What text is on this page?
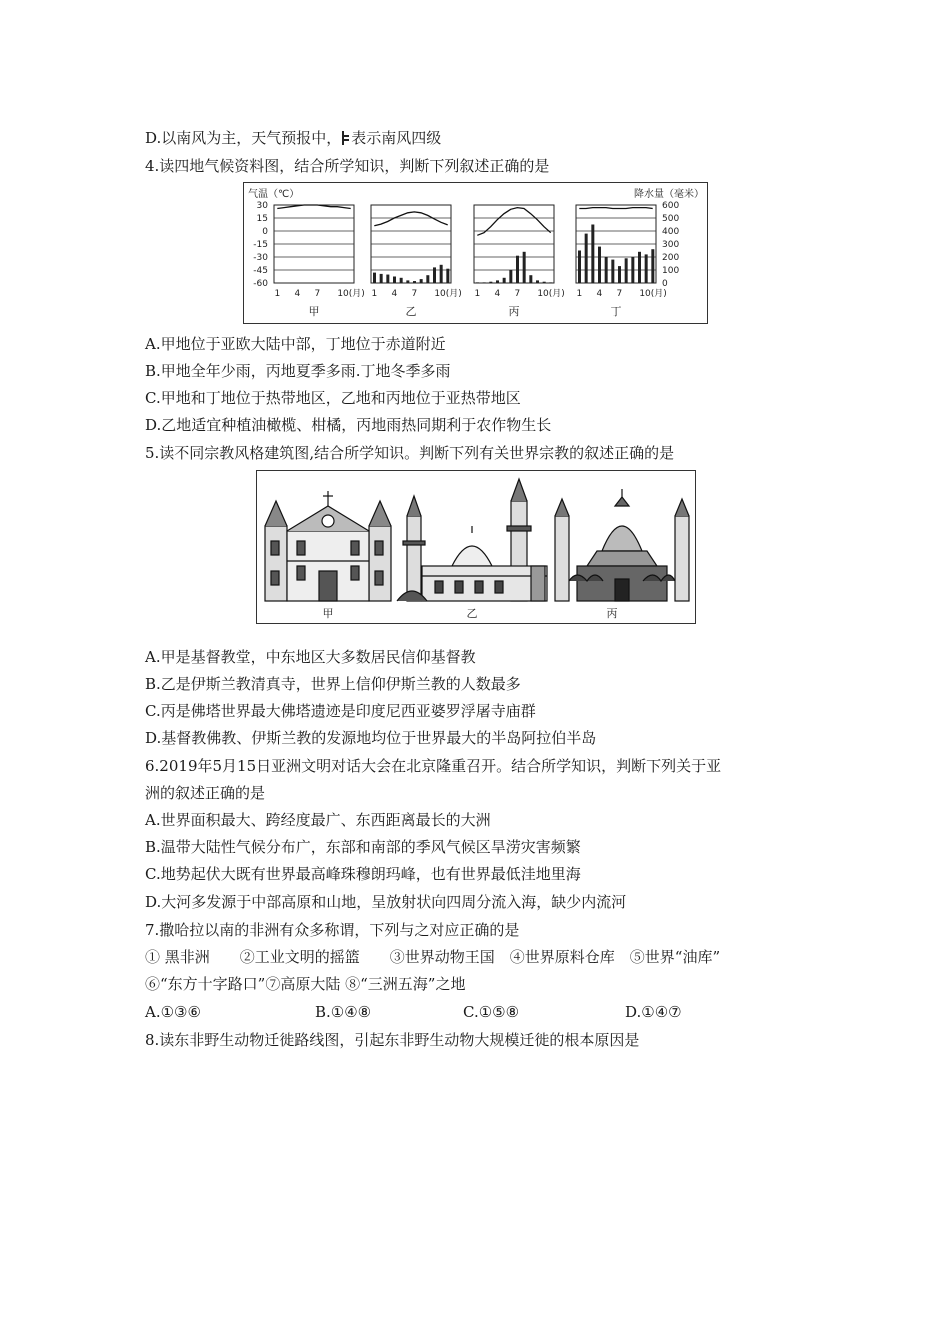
D.以南风为主，天气预报中， 表示南风四级
4.读四地气候资料图，结合所学知识，判断下列叙述正确的是
气温（℃）	降水量（毫米）
30
15
0
-15
-30
-45
-60
600
500
400
300
200
100
0
1 4 7 10(月)
甲
1 4 7 10(月)
乙
1 4 7 10(月)
丙
1 4 7 10(月)
丁
A.甲地位于亚欧大陆中部，丁地位于赤道附近
B.甲地全年少雨，丙地夏季多雨.丁地冬季多雨
C.甲地和丁地位于热带地区，乙地和丙地位于亚热带地区
D.乙地适宜种植油橄榄、柑橘，丙地雨热同期利于农作物生长
5.读不同宗教风格建筑图,结合所学知识。判断下列有关世界宗教的叙述正确的是
甲	乙	丙
A.甲是基督教堂，中东地区大多数居民信仰基督教
B.乙是伊斯兰教清真寺，世界上信仰伊斯兰教的人数最多
C.丙是佛塔世界最大佛塔遗迹是印度尼西亚婆罗浮屠寺庙群
D.基督教佛教、伊斯兰教的发源地均位于世界最大的半岛阿拉伯半岛
6.2019年5月15日亚洲文明对话大会在北京隆重召开。结合所学知识，判断下列关于亚
洲的叙述正确的是
A.世界面积最大、跨经度最广、东西距离最长的大洲
B.温带大陆性气候分布广，东部和南部的季风气候区旱涝灾害频繁
C.地势起伏大既有世界最高峰珠穆朗玛峰，也有世界最低洼地里海
D.大河多发源于中部高原和山地，呈放射状向四周分流入海，缺少内流河
7.撒哈拉以南的非洲有众多称谓，下列与之对应正确的是
① 黑非洲　　②工业文明的摇篮　　③世界动物王国　④世界原料仓库　⑤世界“油库”
⑥“东方十字路口”⑦高原大陆 ⑧“三洲五海”之地
A.①③⑥	B.①④⑧	C.①⑤⑧	D.①④⑦
8.读东非野生动物迁徙路线图，引起东非野生动物大规模迁徙的根本原因是
